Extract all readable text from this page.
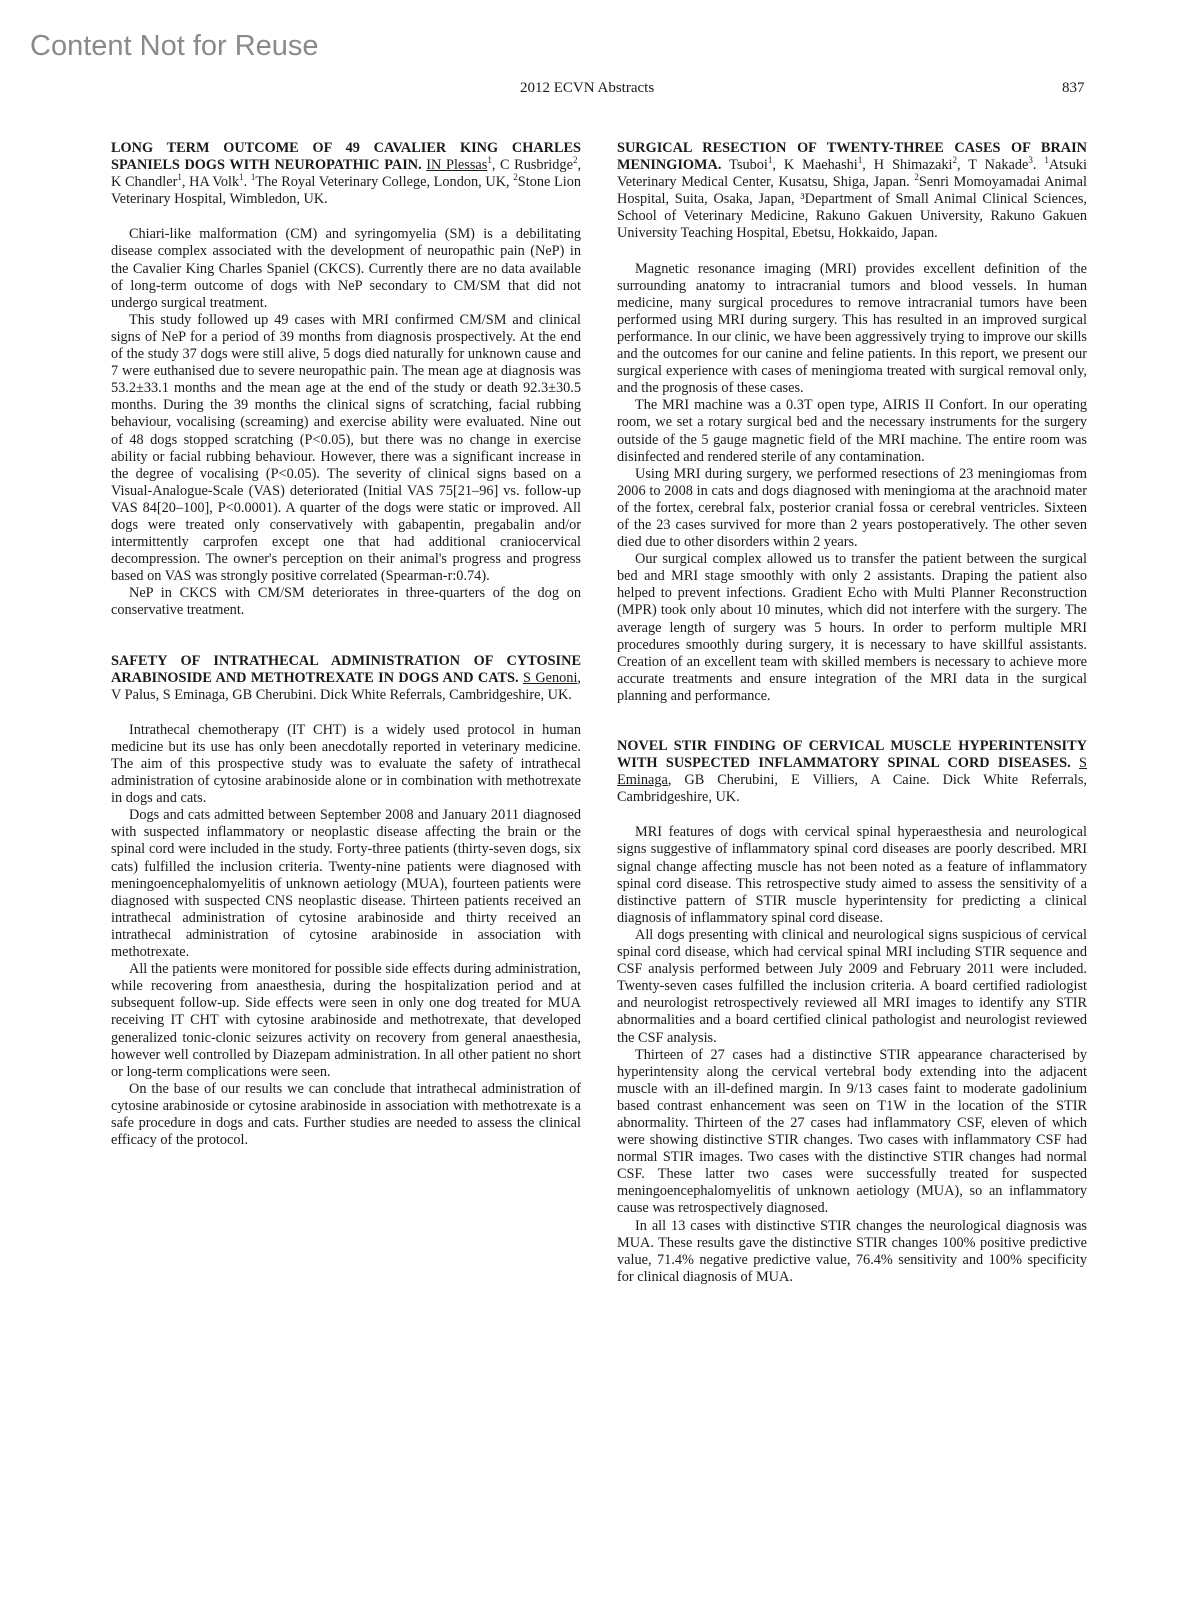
Content Not for Reuse
2012 ECVN Abstracts	837
LONG TERM OUTCOME OF 49 CAVALIER KING CHARLES SPANIELS DOGS WITH NEUROPATHIC PAIN. IN Plessas$^1$, C Rusbridge$^2$, K Chandler$^1$, HA Volk$^1$. $^1$The Royal Veterinary College, London, UK, $^2$Stone Lion Veterinary Hospital, Wimbledon, UK.

Chiari-like malformation (CM) and syringomyelia (SM) is a debilitating disease complex associated with the development of neuropathic pain (NeP) in the Cavalier King Charles Spaniel (CKCS). Currently there are no data available of long-term outcome of dogs with NeP secondary to CM/SM that did not undergo surgical treatment.

This study followed up 49 cases with MRI confirmed CM/SM and clinical signs of NeP for a period of 39 months from diagnosis prospectively. At the end of the study 37 dogs were still alive, 5 dogs died naturally for unknown cause and 7 were euthanised due to severe neuropathic pain. The mean age at diagnosis was 53.2±33.1 months and the mean age at the end of the study or death 92.3±30.5 months. During the 39 months the clinical signs of scratching, facial rubbing behaviour, vocalising (screaming) and exercise ability were evaluated. Nine out of 48 dogs stopped scratching (P<0.05), but there was no change in exercise ability or facial rubbing behaviour. However, there was a significant increase in the degree of vocalising (P<0.05). The severity of clinical signs based on a Visual-Analogue-Scale (VAS) deteriorated (Initial VAS 75[21–96] vs. follow-up VAS 84[20–100], P<0.0001). A quarter of the dogs were static or improved. All dogs were treated only conservatively with gabapentin, pregabalin and/or intermittently carprofen except one that had additional craniocervical decompression. The owner's perception on their animal's progress and progress based on VAS was strongly positive correlated (Spearman-r:0.74).

NeP in CKCS with CM/SM deteriorates in three-quarters of the dog on conservative treatment.

SAFETY OF INTRATHECAL ADMINISTRATION OF CYTOSINE ARABINOSIDE AND METHOTREXATE IN DOGS AND CATS. S Genoni, V Palus, S Eminaga, GB Cherubini. Dick White Referrals, Cambridgeshire, UK.

Intrathecal chemotherapy (IT CHT) is a widely used protocol in human medicine but its use has only been anecdotally reported in veterinary medicine. The aim of this prospective study was to evaluate the safety of intrathecal administration of cytosine arabinoside alone or in combination with methotrexate in dogs and cats.

Dogs and cats admitted between September 2008 and January 2011 diagnosed with suspected inflammatory or neoplastic disease affecting the brain or the spinal cord were included in the study. Forty-three patients (thirty-seven dogs, six cats) fulfilled the inclusion criteria. Twenty-nine patients were diagnosed with meningoencephalomyelitis of unknown aetiology (MUA), fourteen patients were diagnosed with suspected CNS neoplastic disease. Thirteen patients received an intrathecal administration of cytosine arabinoside and thirty received an intrathecal administration of cytosine arabinoside in association with methotrexate.

All the patients were monitored for possible side effects during administration, while recovering from anaesthesia, during the hospitalization period and at subsequent follow-up. Side effects were seen in only one dog treated for MUA receiving IT CHT with cytosine arabinoside and methotrexate, that developed generalized tonic-clonic seizures activity on recovery from general anaesthesia, however well controlled by Diazepam administration. In all other patient no short or long-term complications were seen.

On the base of our results we can conclude that intrathecal administration of cytosine arabinoside or cytosine arabinoside in association with methotrexate is a safe procedure in dogs and cats. Further studies are needed to assess the clinical efficacy of the protocol.

SURGICAL RESECTION OF TWENTY-THREE CASES OF BRAIN MENINGIOMA. Tsuboi$^1$, K Maehashi$^1$, H Shimazaki$^2$, T Nakade$^3$. $^1$Atsuki Veterinary Medical Center, Kusatsu, Shiga, Japan. $^2$Senri Momoyamadai Animal Hospital, Suita, Osaka, Japan, ³Department of Small Animal Clinical Sciences, School of Veterinary Medicine, Rakuno Gakuen University, Rakuno Gakuen University Teaching Hospital, Ebetsu, Hokkaido, Japan.

Magnetic resonance imaging (MRI) provides excellent definition of the surrounding anatomy to intracranial tumors and blood vessels. In human medicine, many surgical procedures to remove intracranial tumors have been performed using MRI during surgery. This has resulted in an improved surgical performance. In our clinic, we have been aggressively trying to improve our skills and the outcomes for our canine and feline patients. In this report, we present our surgical experience with cases of meningioma treated with surgical removal only, and the prognosis of these cases.

The MRI machine was a 0.3T open type, AIRIS II Confort. In our operating room, we set a rotary surgical bed and the necessary instruments for the surgery outside of the 5 gauge magnetic field of the MRI machine. The entire room was disinfected and rendered sterile of any contamination.

Using MRI during surgery, we performed resections of 23 meningiomas from 2006 to 2008 in cats and dogs diagnosed with meningioma at the arachnoid mater of the fortex, cerebral falx, posterior cranial fossa or cerebral ventricles. Sixteen of the 23 cases survived for more than 2 years postoperatively. The other seven died due to other disorders within 2 years.

Our surgical complex allowed us to transfer the patient between the surgical bed and MRI stage smoothly with only 2 assistants. Draping the patient also helped to prevent infections. Gradient Echo with Multi Planner Reconstruction (MPR) took only about 10 minutes, which did not interfere with the surgery. The average length of surgery was 5 hours. In order to perform multiple MRI procedures smoothly during surgery, it is necessary to have skillful assistants. Creation of an excellent team with skilled members is necessary to achieve more accurate treatments and ensure integration of the MRI data in the surgical planning and performance.

NOVEL STIR FINDING OF CERVICAL MUSCLE HYPERINTENSITY WITH SUSPECTED INFLAMMATORY SPINAL CORD DISEASES. S Eminaga, GB Cherubini, E Villiers, A Caine. Dick White Referrals, Cambridgeshire, UK.

MRI features of dogs with cervical spinal hyperaesthesia and neurological signs suggestive of inflammatory spinal cord diseases are poorly described. MRI signal change affecting muscle has not been noted as a feature of inflammatory spinal cord disease. This retrospective study aimed to assess the sensitivity of a distinctive pattern of STIR muscle hyperintensity for predicting a clinical diagnosis of inflammatory spinal cord disease.

All dogs presenting with clinical and neurological signs suspicious of cervical spinal cord disease, which had cervical spinal MRI including STIR sequence and CSF analysis performed between July 2009 and February 2011 were included. Twenty-seven cases fulfilled the inclusion criteria. A board certified radiologist and neurologist retrospectively reviewed all MRI images to identify any STIR abnormalities and a board certified clinical pathologist and neurologist reviewed the CSF analysis.

Thirteen of 27 cases had a distinctive STIR appearance characterised by hyperintensity along the cervical vertebral body extending into the adjacent muscle with an ill-defined margin. In 9/13 cases faint to moderate gadolinium based contrast enhancement was seen on T1W in the location of the STIR abnormality. Thirteen of the 27 cases had inflammatory CSF, eleven of which were showing distinctive STIR changes. Two cases with inflammatory CSF had normal STIR images. Two cases with the distinctive STIR changes had normal CSF. These latter two cases were successfully treated for suspected meningoencephalomyelitis of unknown aetiology (MUA), so an inflammatory cause was retrospectively diagnosed.

In all 13 cases with distinctive STIR changes the neurological diagnosis was MUA. These results gave the distinctive STIR changes 100% positive predictive value, 71.4% negative predictive value, 76.4% sensitivity and 100% specificity for clinical diagnosis of MUA.
